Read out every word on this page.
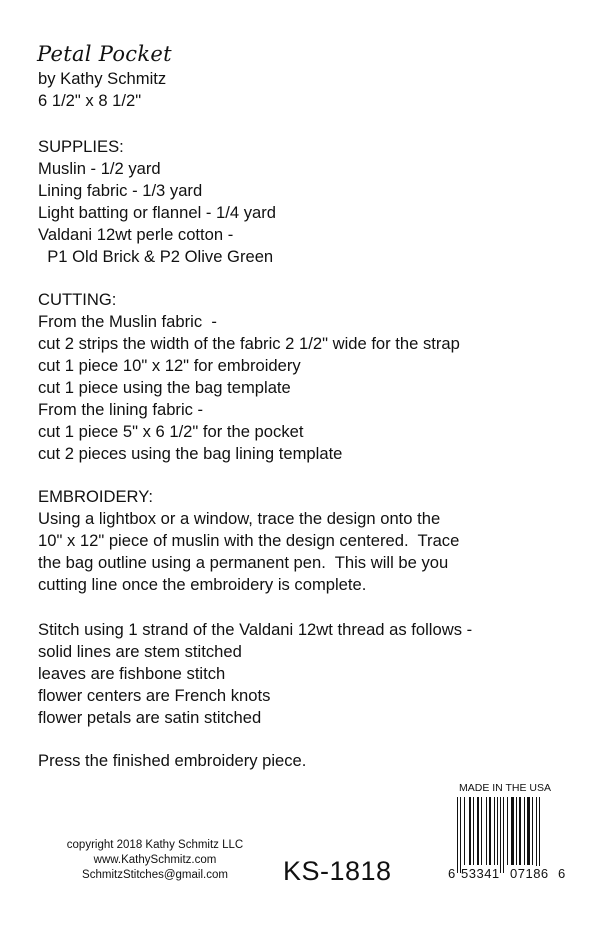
Petal Pocket
by Kathy Schmitz
6 1/2" x 8 1/2"
SUPPLIES:
Muslin - 1/2 yard
Lining fabric - 1/3 yard
Light batting or flannel - 1/4 yard
Valdani 12wt perle cotton -
P1 Old Brick & P2 Olive Green
CUTTING:
From the Muslin fabric  -
cut 2 strips the width of the fabric 2 1/2" wide for the strap
cut 1 piece 10" x 12" for embroidery
cut 1 piece using the bag template
From the lining fabric -
cut 1 piece 5" x 6 1/2" for the pocket
cut 2 pieces using the bag lining template
EMBROIDERY:
Using a lightbox or a window, trace the design onto the
10" x 12" piece of muslin with the design centered.  Trace
the bag outline using a permanent pen.  This will be you
cutting line once the embroidery is complete.
Stitch using 1 strand of the Valdani 12wt thread as follows -
solid lines are stem stitched
leaves are fishbone stitch
flower centers are French knots
flower petals are satin stitched
Press the finished embroidery piece.
copyright 2018 Kathy Schmitz LLC
www.KathySchmitz.com
SchmitzStitches@gmail.com	KS-1818
MADE IN THE USA
6 53341 07186 6
